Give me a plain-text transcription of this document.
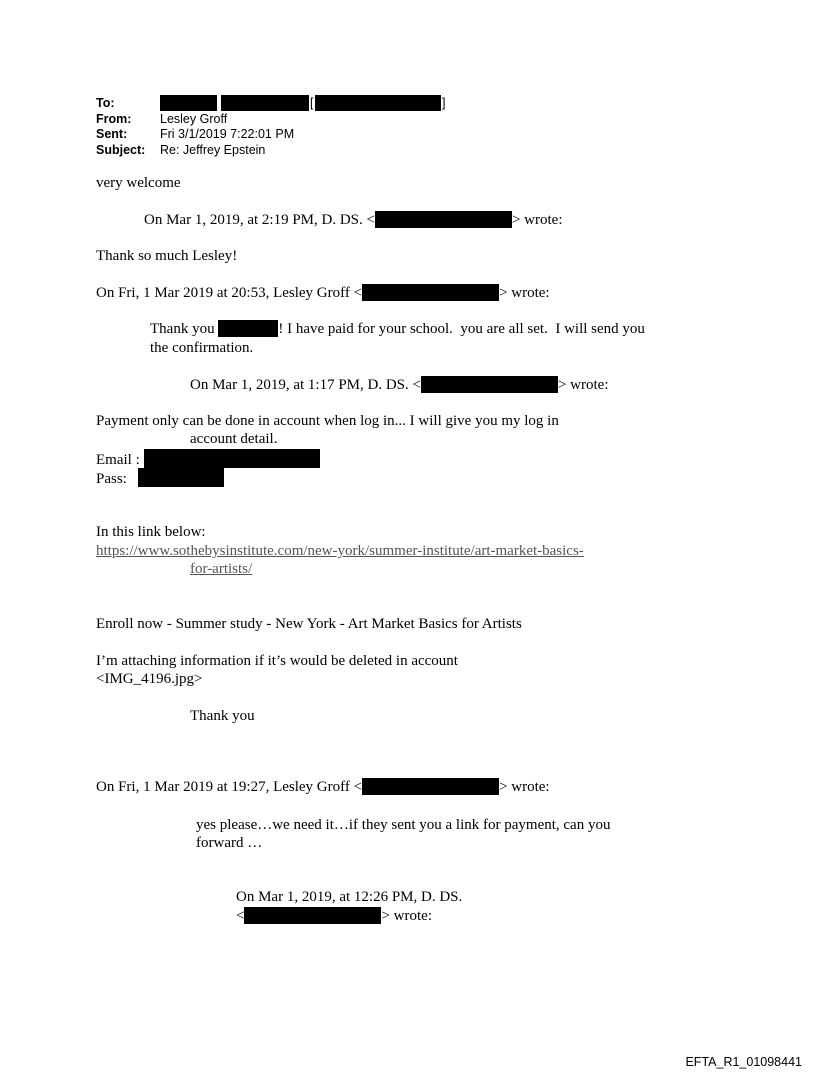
To:	[	]
From: Lesley Groff
Sent:	Fri 3/1/2019 7:22:01 PM
Subject: Re: Jeffrey Epstein
very welcome
On Mar 1, 2019, at 2:19 PM, D. DS. <	> wrote:
Thank so much Lesley!
On Fri, 1 Mar 2019 at 20:53, Lesley Groff <	> wrote:
Thank you	! I have paid for your school.  you are all set.  I will send you
the confirmation.
On Mar 1, 2019, at 1:17 PM, D. DS. <	> wrote:
Payment only can be done in account when log in... I will give you my log in
account detail.
Email :
Pass:
In this link below:
https://www.sothebysinstitute.com/new-york/summer-institute/art-market-basics-
for-artists/
Enroll now - Summer study - New York - Art Market Basics for Artists
I’m attaching information if it’s would be deleted in account
<IMG_4196.jpg>
Thank you
On Fri, 1 Mar 2019 at 19:27, Lesley Groff <	> wrote:
yes please…we need it…if they sent you a link for payment, can you
forward …
On Mar 1, 2019, at 12:26 PM, D. DS.
<	> wrote:
EFTA_R1_01098441
